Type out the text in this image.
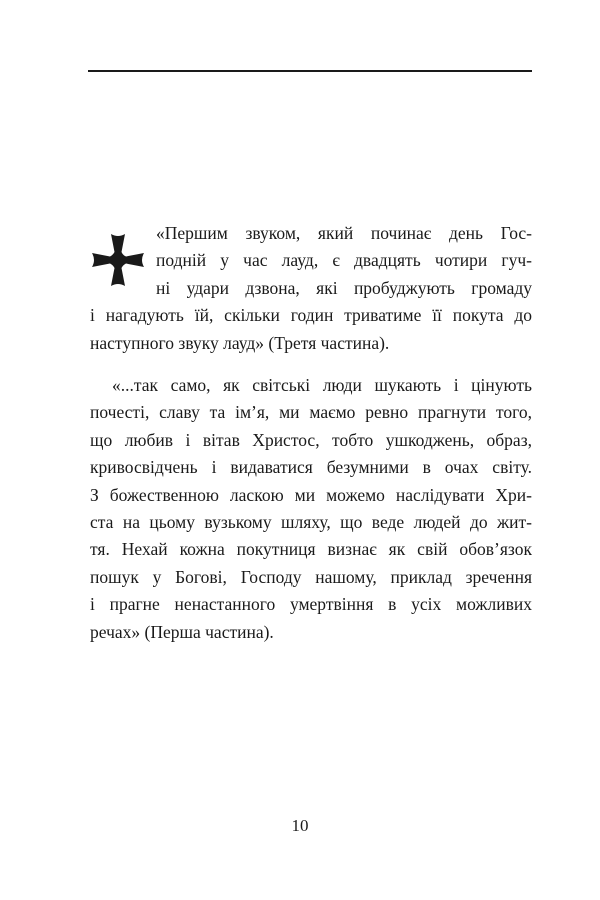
«Першим звуком, який починає день Гос-
подній у час лауд, є двадцять чотири гуч-
ні удари дзвона, які пробуджують громаду
і нагадують їй, скільки годин триватиме її покута до
наступного звуку лауд» (Третя частина).

«...так само, як світські люди шукають і цінують
почесті, славу та ім’я, ми маємо ревно прагнути того,
що любив і вітав Христос, тобто ушкоджень, образ,
кривосвідчень і видаватися безумними в очах світу.
З божественною ласкою ми можемо наслідувати Хри-
ста на цьому вузькому шляху, що веде людей до жит-
тя. Нехай кожна покутниця визнає як свій обов’язок
пошук у Богові, Господу нашому, приклад зречення
і прагне ненастанного умертвіння в усіх можливих
речах» (Перша частина).

10
